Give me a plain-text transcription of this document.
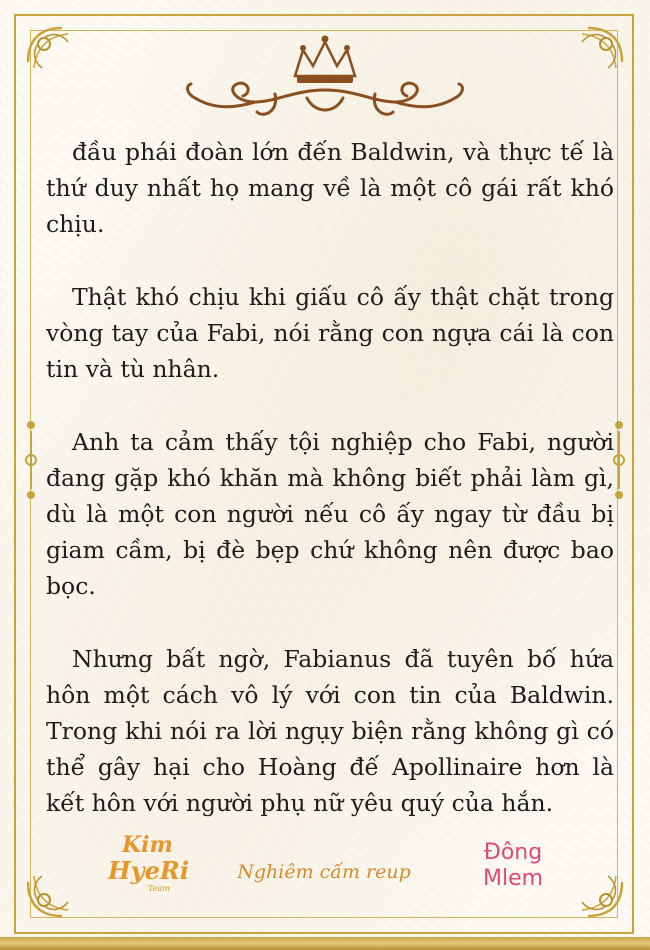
đầu phái đoàn lớn đến Baldwin, và thực tế là thứ duy nhất họ mang về là một cô gái rất khó chịu.

Thật khó chịu khi giấu cô ấy thật chặt trong vòng tay của Fabi, nói rằng con ngựa cái là con tin và tù nhân.

Anh ta cảm thấy tội nghiệp cho Fabi, người đang gặp khó khăn mà không biết phải làm gì, dù là một con người nếu cô ấy ngay từ đầu bị giam cầm, bị đè bẹp chứ không nên được bao bọc.

Nhưng bất ngờ, Fabianus đã tuyên bố hứa hôn một cách vô lý với con tin của Baldwin. Trong khi nói ra lời ngụy biện rằng không gì có thể gây hại cho Hoàng đế Apollinaire hơn là kết hôn với người phụ nữ yêu quý của hắn.

Kim
HyeRi
Team
Nghiêm cấm reup
Đông
Mlem
